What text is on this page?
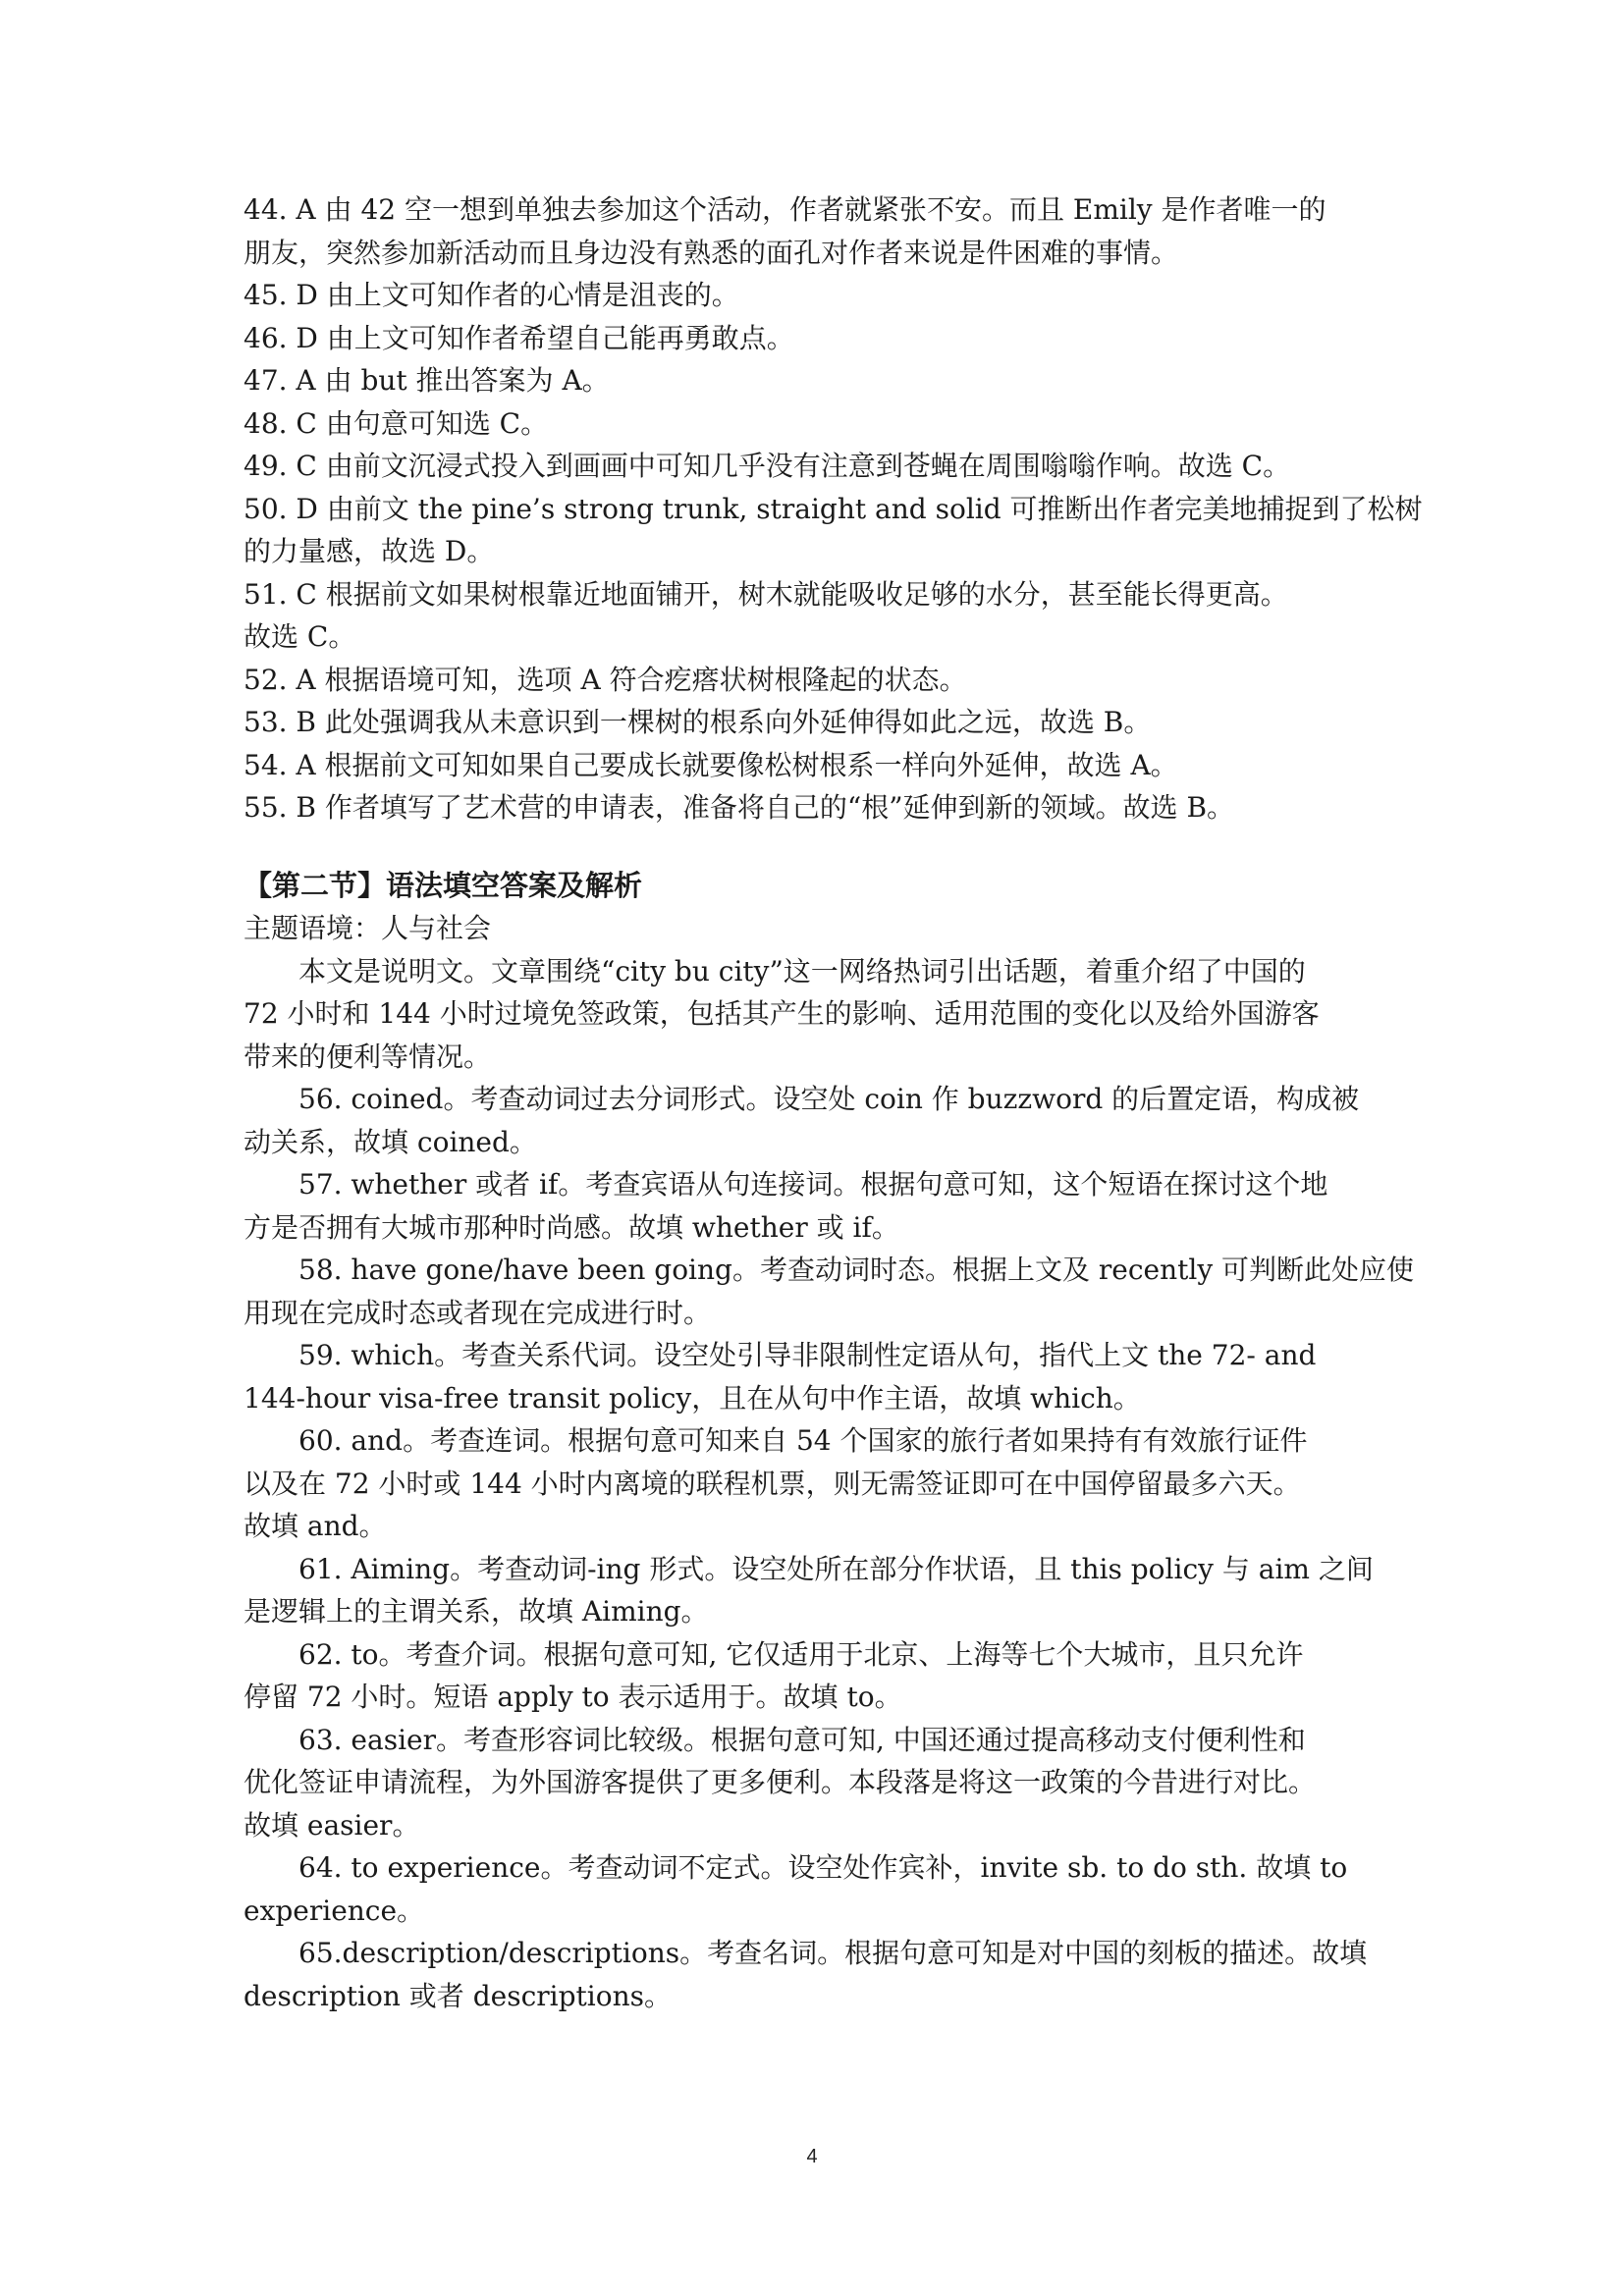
44. A 由 42 空一想到单独去参加这个活动，作者就紧张不安。而且 Emily 是作者唯一的

朋友，突然参加新活动而且身边没有熟悉的面孔对作者来说是件困难的事情。

45. D 由上文可知作者的心情是沮丧的。

46. D 由上文可知作者希望自己能再勇敢点。

47. A 由 but 推出答案为 A。

48. C 由句意可知选 C。

49. C 由前文沉浸式投入到画画中可知几乎没有注意到苍蝇在周围嗡嗡作响。故选 C。

50. D 由前文 the pine’s strong trunk, straight and solid 可推断出作者完美地捕捉到了松树

的力量感，故选 D。

51. C 根据前文如果树根靠近地面铺开，树木就能吸收足够的水分，甚至能长得更高。

故选 C。

52. A 根据语境可知，选项 A 符合疙瘩状树根隆起的状态。

53. B 此处强调我从未意识到一棵树的根系向外延伸得如此之远，故选 B。

54. A 根据前文可知如果自己要成长就要像松树根系一样向外延伸，故选 A。

55. B 作者填写了艺术营的申请表，准备将自己的“根”延伸到新的领域。故选 B。

【第二节】语法填空答案及解析

主题语境：人与社会

本文是说明文。文章围绕“city bu city”这一网络热词引出话题，着重介绍了中国的

72 小时和 144 小时过境免签政策，包括其产生的影响、适用范围的变化以及给外国游客

带来的便利等情况。

56. coined。考查动词过去分词形式。设空处 coin 作 buzzword 的后置定语，构成被

动关系，故填 coined。

57. whether 或者 if。考查宾语从句连接词。根据句意可知，这个短语在探讨这个地

方是否拥有大城市那种时尚感。故填 whether 或 if。

58. have gone/have been going。考查动词时态。根据上文及 recently 可判断此处应使

用现在完成时态或者现在完成进行时。

59. which。考查关系代词。设空处引导非限制性定语从句，指代上文 the 72- and

144-hour visa-free transit policy，且在从句中作主语，故填 which。

60. and。考查连词。根据句意可知来自 54 个国家的旅行者如果持有有效旅行证件

以及在 72 小时或 144 小时内离境的联程机票，则无需签证即可在中国停留最多六天。

故填 and。

61. Aiming。考查动词-ing 形式。设空处所在部分作状语，且 this policy 与 aim 之间

是逻辑上的主谓关系，故填 Aiming。

62. to。考查介词。根据句意可知, 它仅适用于北京、上海等七个大城市，且只允许

停留 72 小时。短语 apply to 表示适用于。故填 to。

63. easier。考查形容词比较级。根据句意可知, 中国还通过提高移动支付便利性和

优化签证申请流程，为外国游客提供了更多便利。本段落是将这一政策的今昔进行对比。

故填 easier。

64. to experience。考查动词不定式。设空处作宾补，invite sb. to do sth. 故填 to

experience。

65.description/descriptions。考查名词。根据句意可知是对中国的刻板的描述。故填

description 或者 descriptions。

4
